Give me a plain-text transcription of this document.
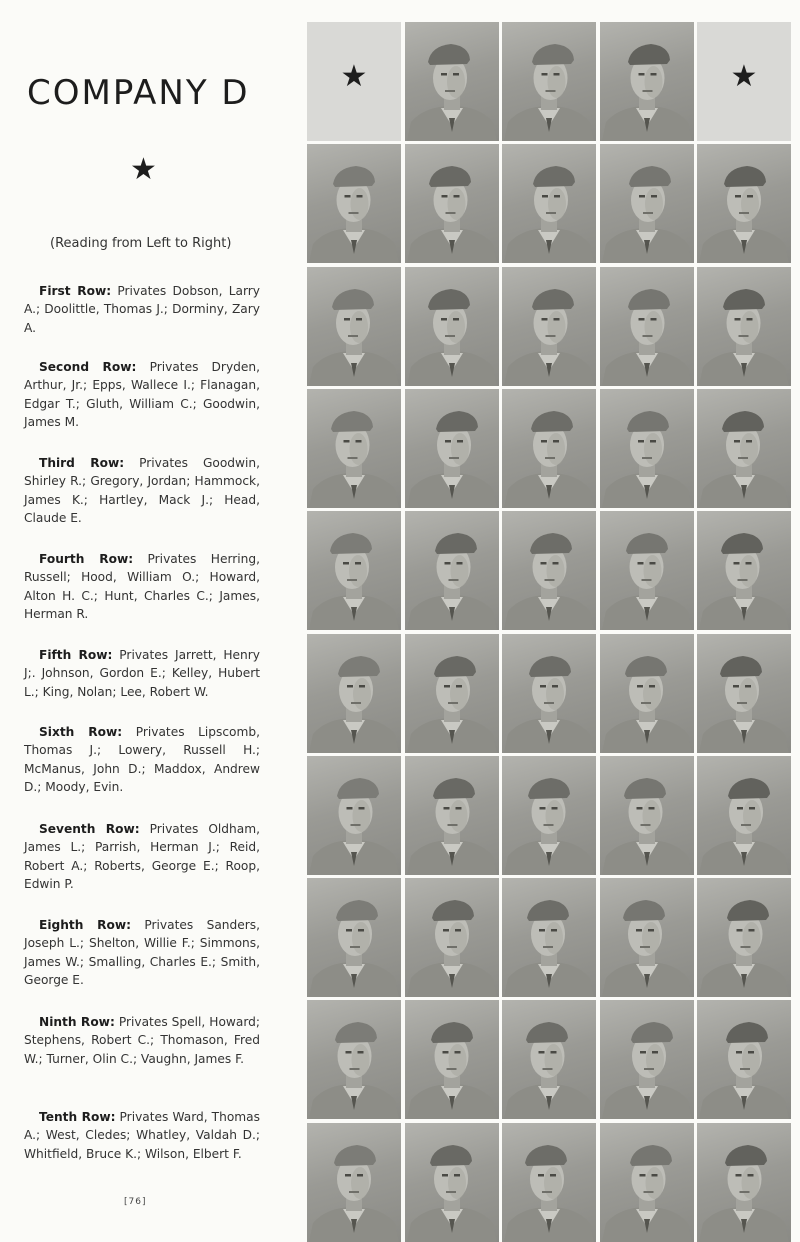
COMPANY D
★
(Reading from Left to Right)

First Row: Privates Dobson, Larry A.; Doolittle, Thomas J.; Dorminy, Zary A.

Second Row: Privates Dryden, Arthur, Jr.; Epps, Wallece I.; Flanagan, Edgar T.; Gluth, William C.; Goodwin, James M.

Third Row: Privates Goodwin, Shirley R.; Gregory, Jordan; Hammock, James K.; Hartley, Mack J.; Head, Claude E.

Fourth Row: Privates Herring, Russell; Hood, William O.; Howard, Alton H. C.; Hunt, Charles C.; James, Herman R.

Fifth Row: Privates Jarrett, Henry J;. Johnson, Gordon E.; Kelley, Hubert L.; King, Nolan; Lee, Robert W.

Sixth Row: Privates Lipscomb, Thomas J.; Lowery, Russell H.; McManus, John D.; Maddox, Andrew D.; Moody, Evin.

Seventh Row: Privates Oldham, James L.; Parrish, Herman J.; Reid, Robert A.; Roberts, George E.; Roop, Edwin P.

Eighth Row: Privates Sanders, Joseph L.; Shelton, Willie F.; Simmons, James W.; Smalling, Charles E.; Smith, George E.

Ninth Row: Privates Spell, Howard; Stephens, Robert C.; Thomason, Fred W.; Turner, Olin C.; Vaughn, James F.

Tenth Row: Privates Ward, Thomas A.; West, Cledes; Whatley, Valdah D.; Whitfield, Bruce K.; Wilson, Elbert F.

[76]
★	★
